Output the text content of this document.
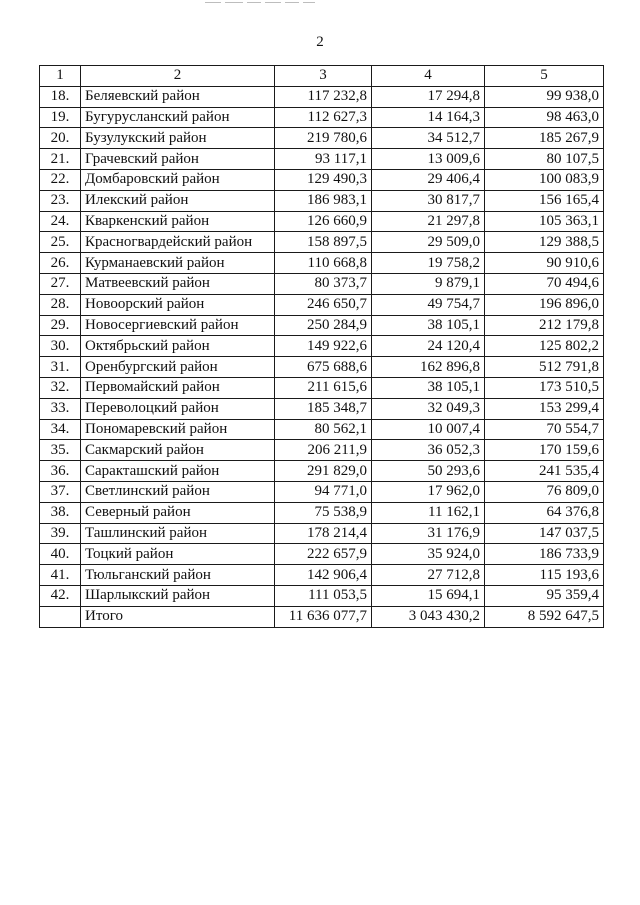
2
1	2	3	4	5
18.	Беляевский район	117 232,8	17 294,8	99 938,0
19.	Бугурусланский район	112 627,3	14 164,3	98 463,0
20.	Бузулукский район	219 780,6	34 512,7	185 267,9
21.	Грачевский район	93 117,1	13 009,6	80 107,5
22.	Домбаровский район	129 490,3	29 406,4	100 083,9
23.	Илекский район	186 983,1	30 817,7	156 165,4
24.	Кваркенский район	126 660,9	21 297,8	105 363,1
25.	Красногвардейский район	158 897,5	29 509,0	129 388,5
26.	Курманаевский район	110 668,8	19 758,2	90 910,6
27.	Матвеевский район	80 373,7	9 879,1	70 494,6
28.	Новоорский район	246 650,7	49 754,7	196 896,0
29.	Новосергиевский район	250 284,9	38 105,1	212 179,8
30.	Октябрьский район	149 922,6	24 120,4	125 802,2
31.	Оренбургский район	675 688,6	162 896,8	512 791,8
32.	Первомайский район	211 615,6	38 105,1	173 510,5
33.	Переволоцкий район	185 348,7	32 049,3	153 299,4
34.	Пономаревский район	80 562,1	10 007,4	70 554,7
35.	Сакмарский район	206 211,9	36 052,3	170 159,6
36.	Саракташский район	291 829,0	50 293,6	241 535,4
37.	Светлинский район	94 771,0	17 962,0	76 809,0
38.	Северный район	75 538,9	11 162,1	64 376,8
39.	Ташлинский район	178 214,4	31 176,9	147 037,5
40.	Тоцкий район	222 657,9	35 924,0	186 733,9
41.	Тюльганский район	142 906,4	27 712,8	115 193,6
42.	Шарлыкский район	111 053,5	15 694,1	95 359,4
	Итого	11 636 077,7	3 043 430,2	8 592 647,5
